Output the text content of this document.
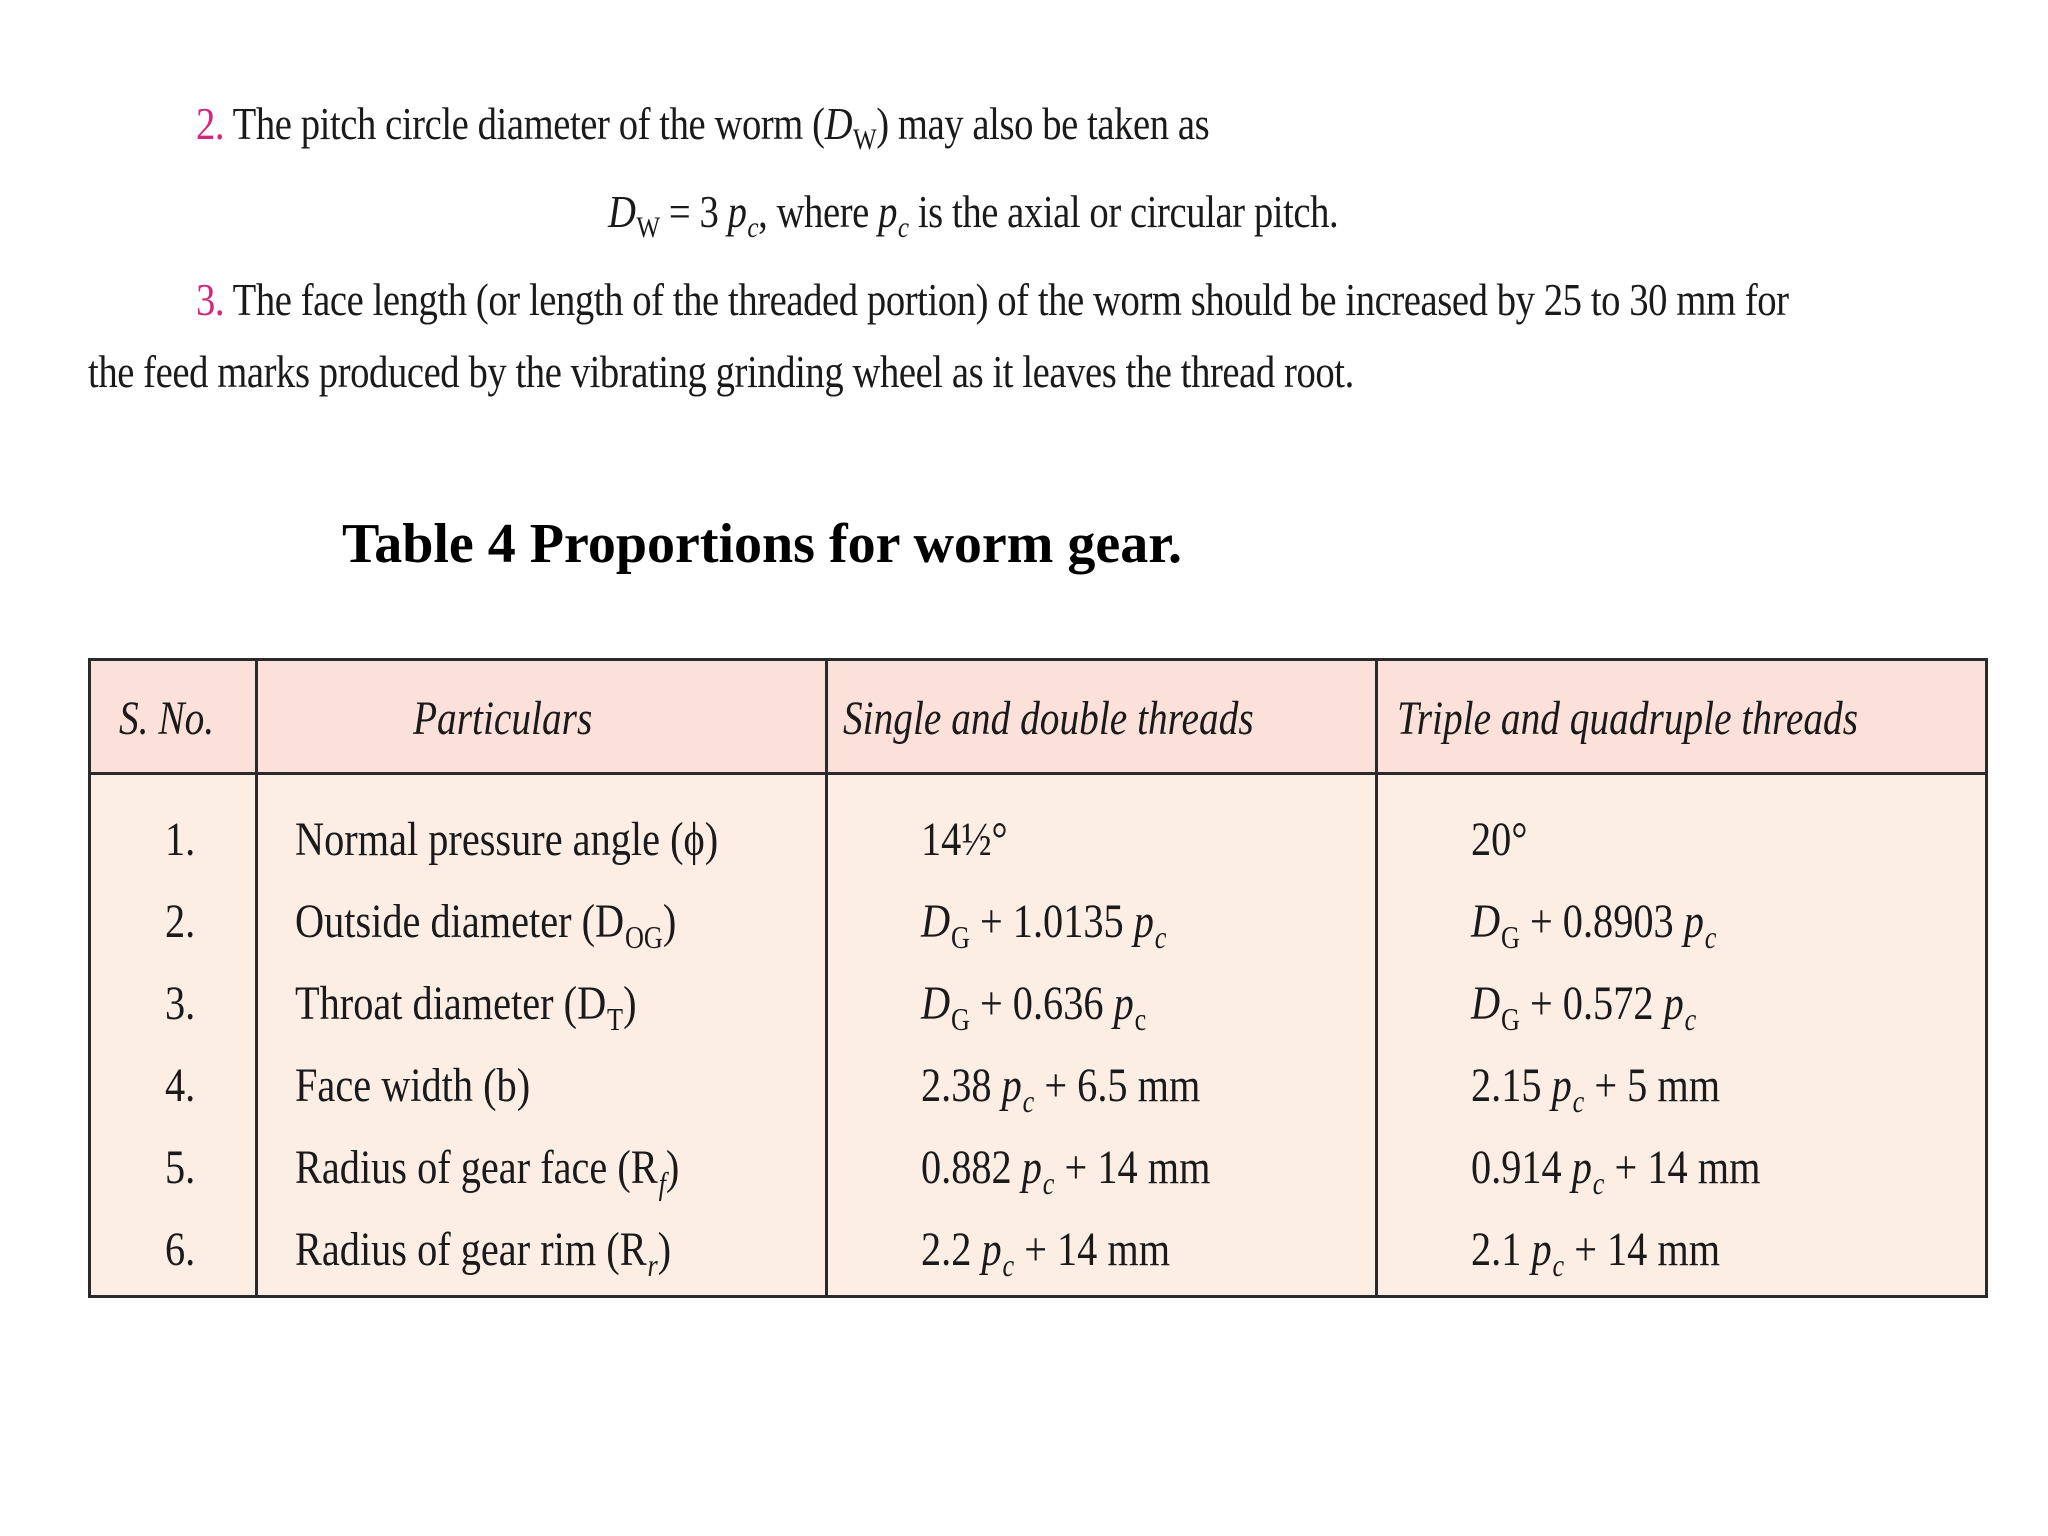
2. The pitch circle diameter of the worm $(D_W)$ may also be taken as
$D_W = 3$ $p_c$, where $p_c$ is the axial or circular pitch.
3. The face length (or length of the threaded portion) of the worm should be increased by 25 to 30 mm for
the feed marks produced by the vibrating grinding wheel as it leaves the thread root.
Table 4 Proportions for worm gear.
S. No.	Particulars	Single and double threads	Triple and quadruple threads
1. Normal pressure angle (ϕ)	14½°	20°
2. Outside diameter $(D_{OG})$	$D_G + 1.0135$ $p_c$	$D_G + 0.8903$ $p_c$
3. Throat diameter $(D_T)$	$D_G + 0.636$ $p_c$	$D_G + 0.572$ $p_c$
4. Face width (b)	2.38 $p_c + 6.5$ mm	2.15 $p_c + 5$ mm
5. Radius of gear face $(R_f)$	0.882 $p_c + 14$ mm	0.914 $p_c + 14$ mm
6. Radius of gear rim $(R_r)$	2.2 $p_c + 14$ mm	2.1 $p_c + 14$ mm
